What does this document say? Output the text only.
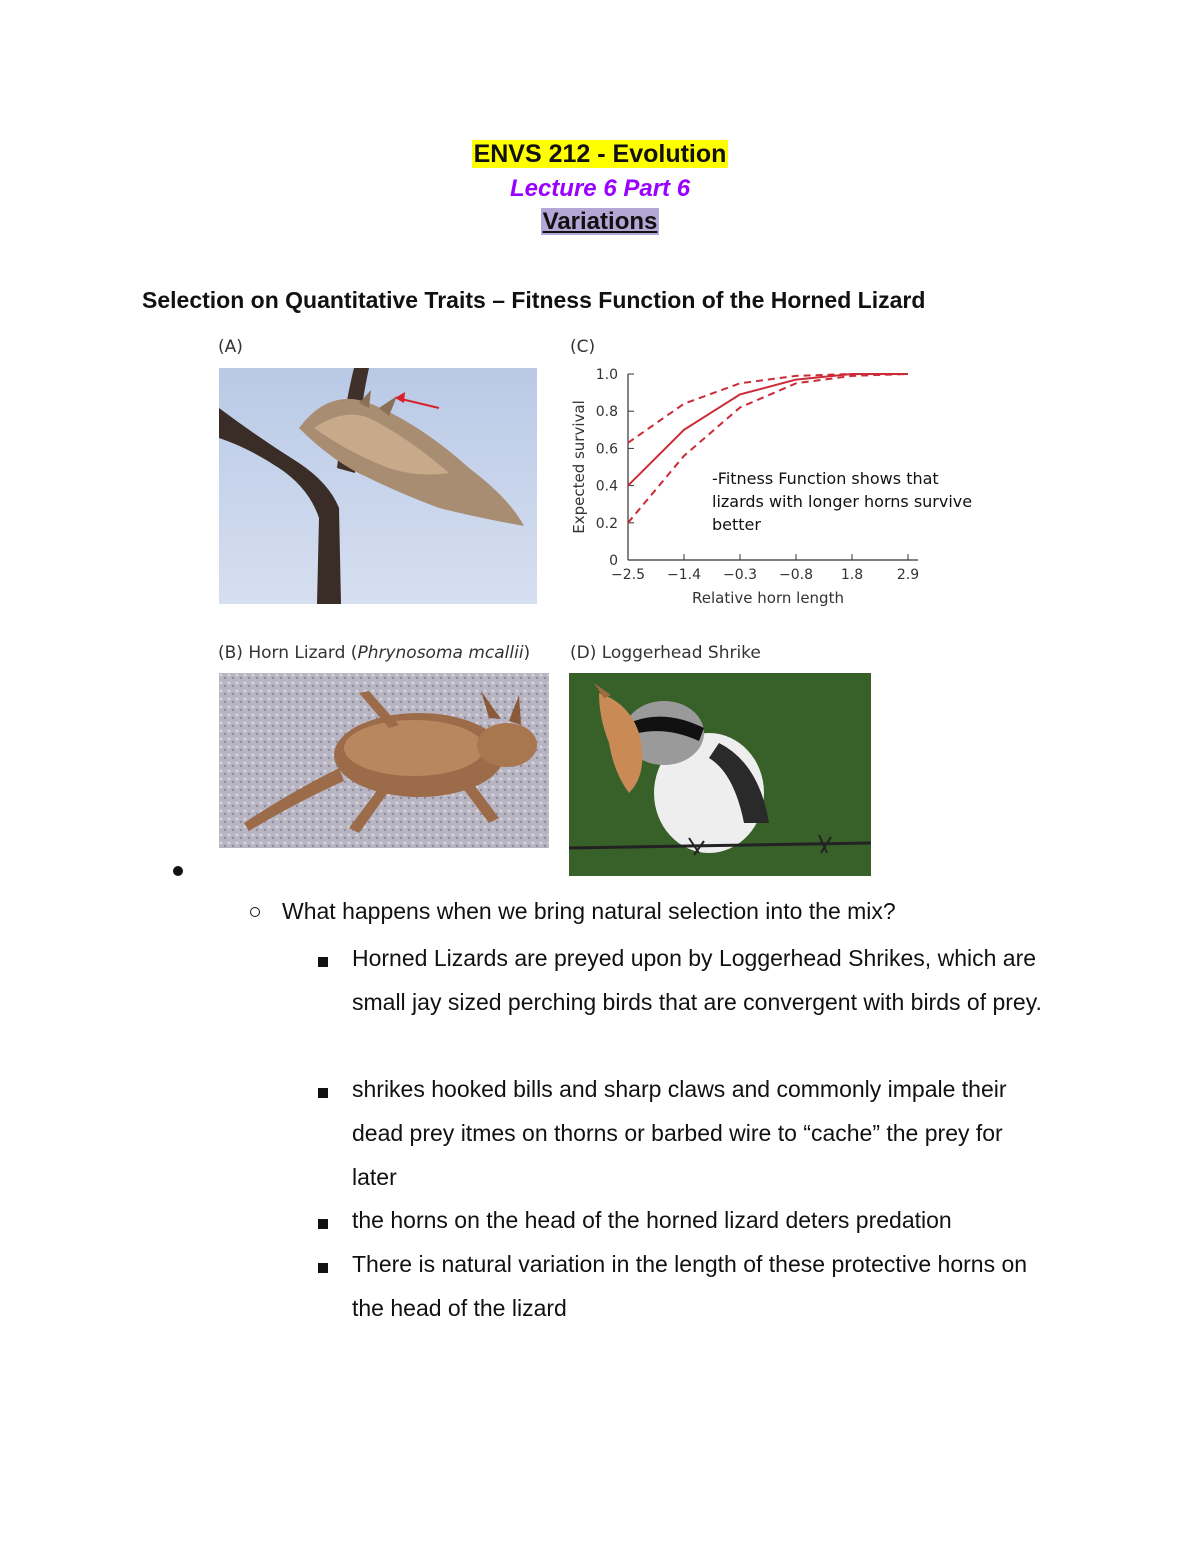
ENVS 212 - Evolution
Lecture 6 Part 6
Variations
Selection on Quantitative Traits – Fitness Function of the Horned Lizard
(A)	(C)
0
0.2
0.4
0.6
0.8
1.0
−2.5 −1.4 −0.3 −0.8 1.8 2.9
Relative horn length
Expected survival	-Fitness Function shows that
lizards with longer horns survive
better
(B) Horn Lizard (Phrynosoma mcallii) (D) Loggerhead Shrike
What happens when we bring natural selection into the mix?
Horned Lizards are preyed upon by Loggerhead Shrikes, which are small jay sized perching birds that are convergent with birds of prey.
shrikes hooked bills and sharp claws and commonly impale their dead prey itmes on thorns or barbed wire to “cache” the prey for later
the horns on the head of the horned lizard deters predation
There is natural variation in the length of these protective horns on the head of the lizard
